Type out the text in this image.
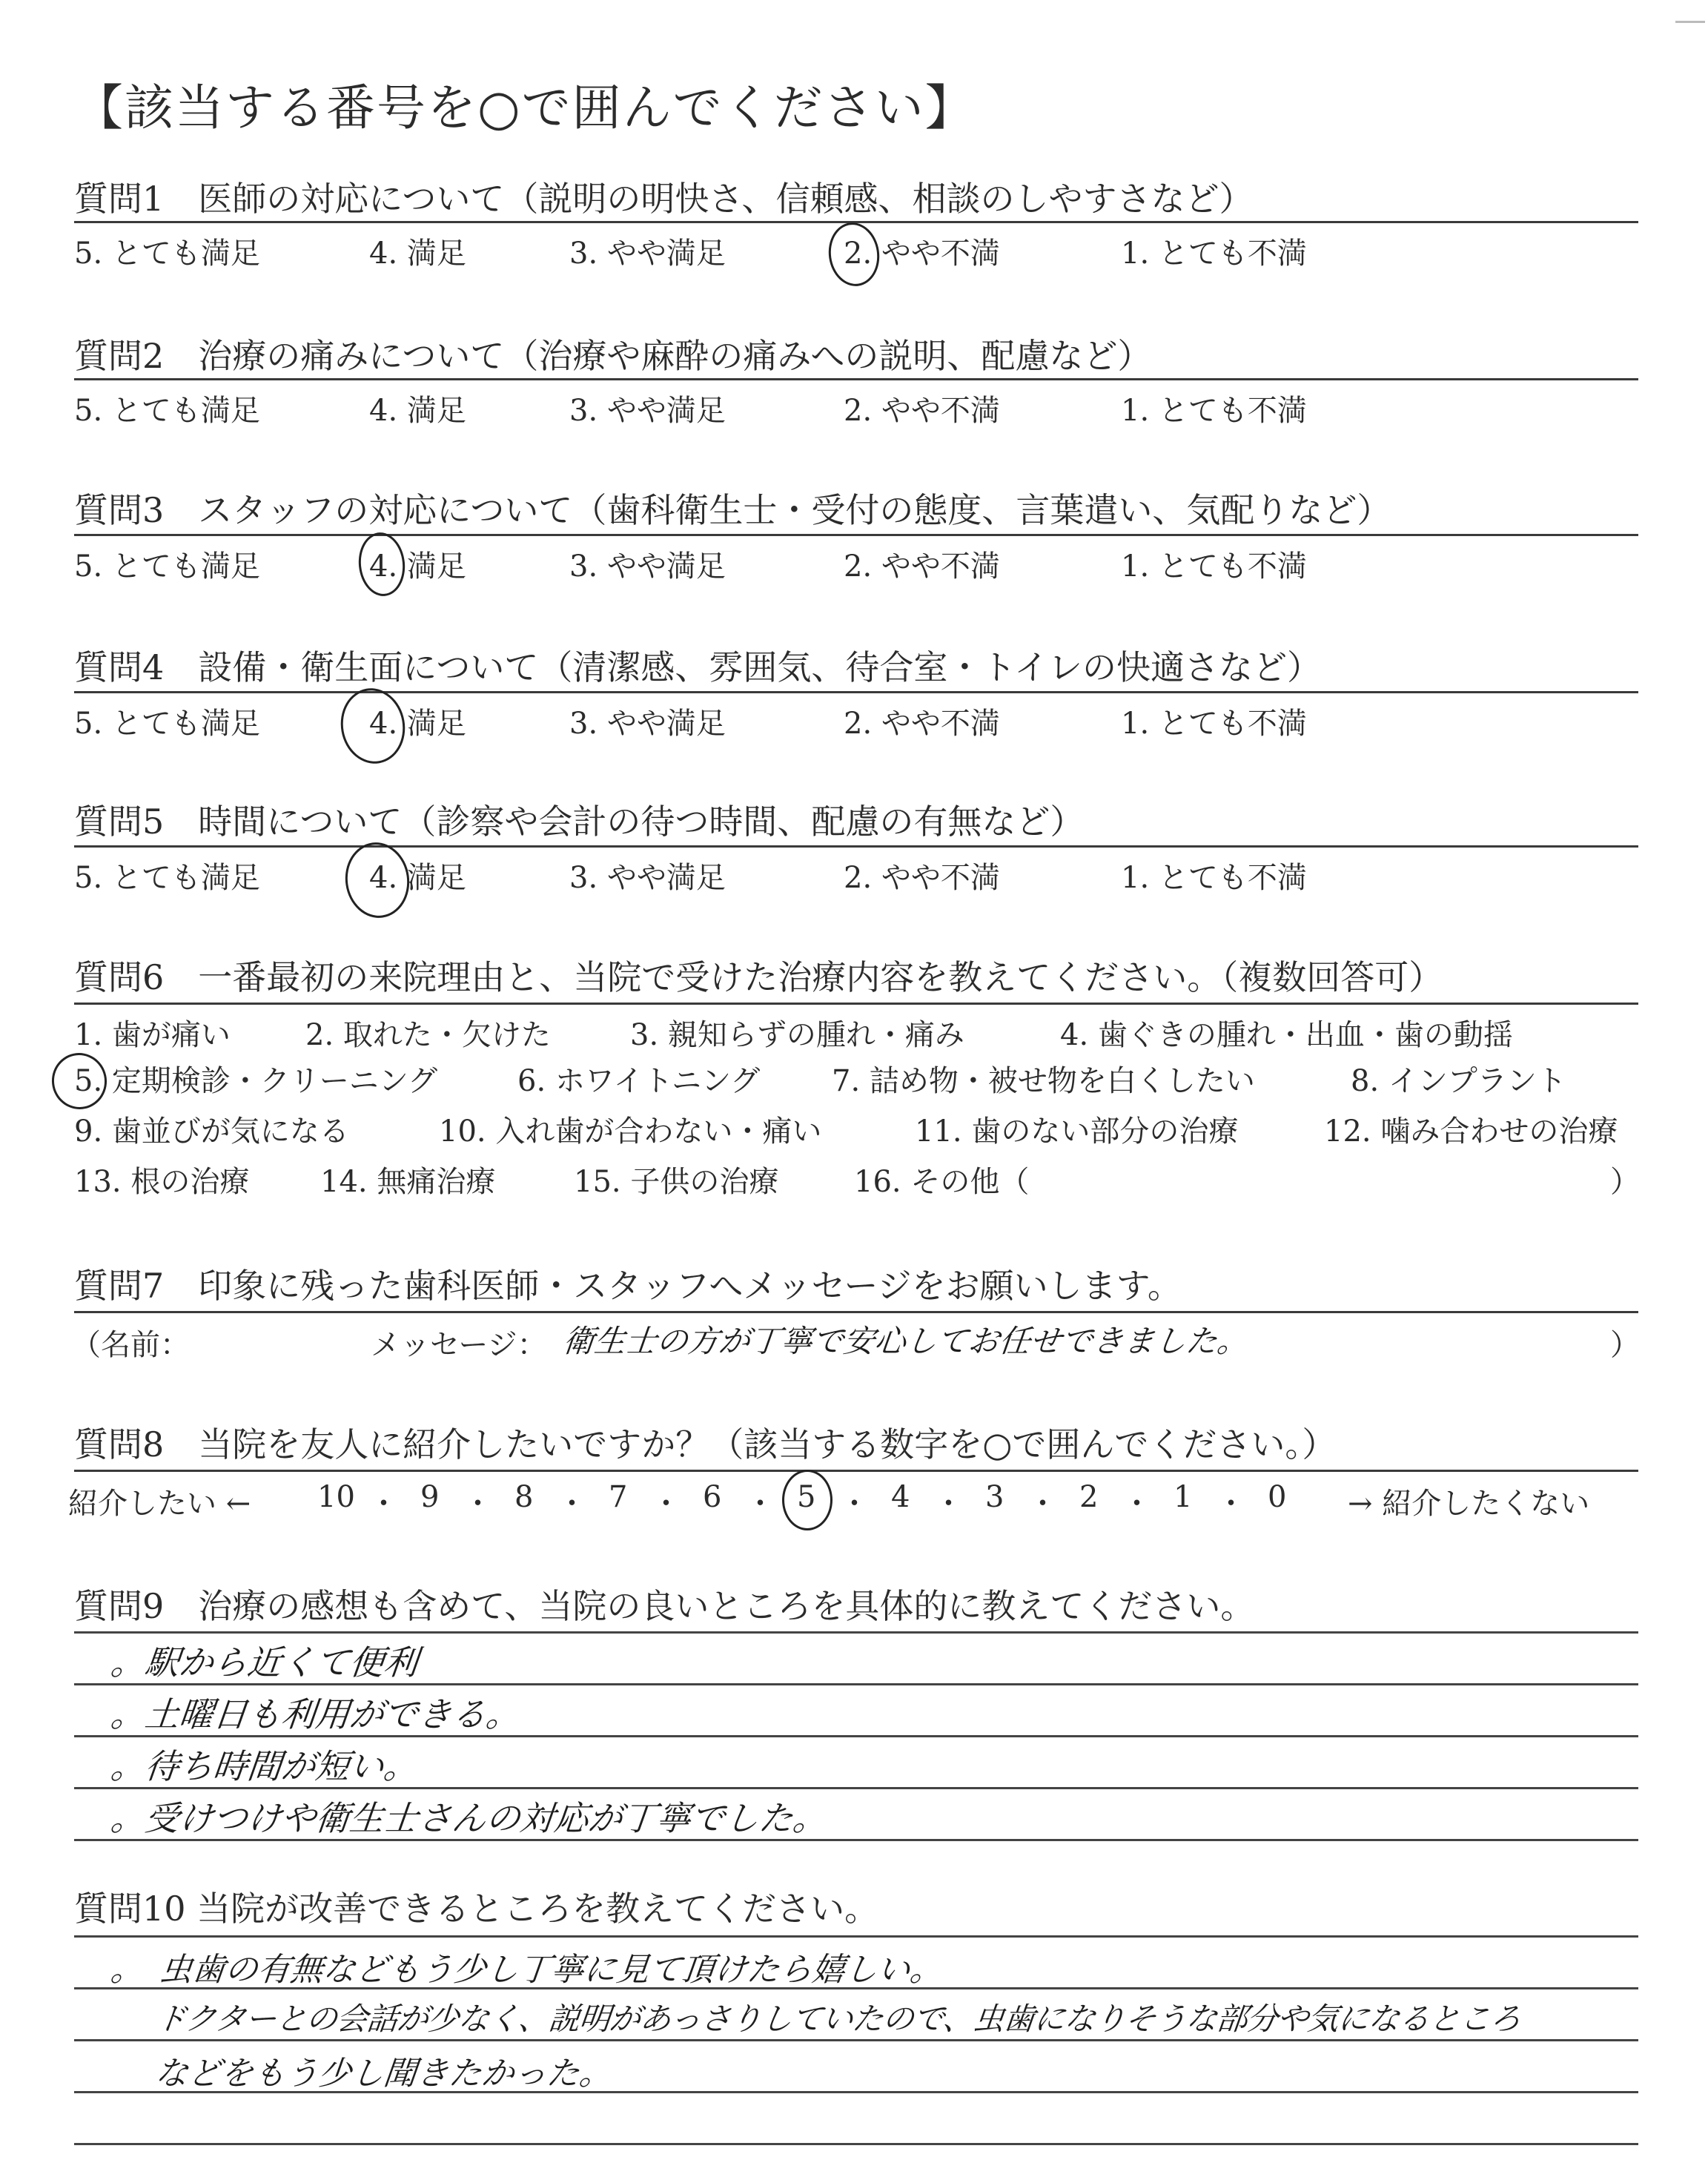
【該当する番号を○で囲んでください】
質問1　医師の対応について（説明の明快さ、信頼感、相談のしやすさなど）
5. とても満足	4. 満足	3. やや満足	2. やや不満	1. とても不満
質問2　治療の痛みについて（治療や麻酔の痛みへの説明、配慮など）
5. とても満足	4. 満足	3. やや満足	2. やや不満	1. とても不満
質問3　スタッフの対応について（歯科衛生士・受付の態度、言葉遣い、気配りなど）
5. とても満足	4. 満足	3. やや満足	2. やや不満	1. とても不満
質問4　設備・衛生面について（清潔感、雰囲気、待合室・トイレの快適さなど）
5. とても満足	4. 満足	3. やや満足	2. やや不満	1. とても不満
質問5　時間について（診察や会計の待つ時間、配慮の有無など）
5. とても満足	4. 満足	3. やや満足	2. やや不満	1. とても不満
質問6　一番最初の来院理由と、当院で受けた治療内容を教えてください。（複数回答可）
1. 歯が痛い	2. 取れた・欠けた	3. 親知らずの腫れ・痛み	4. 歯ぐきの腫れ・出血・歯の動揺
5. 定期検診・クリーニング	6. ホワイトニング 7. 詰め物・被せ物を白くしたい	8. インプラント
9. 歯並びが気になる	10. 入れ歯が合わない・痛い	11. 歯のない部分の治療	12. 噛み合わせの治療
13. 根の治療 14. 無痛治療	15. 子供の治療	16. その他（	）
質問7　印象に残った歯科医師・スタッフへメッセージをお願いします。
（名前：	メッセージ： 衛生士の方が丁寧で安心してお任せできました。	）
質問8　当院を友人に紹介したいですか？（該当する数字を○で囲んでください。）
紹介したい ←	→ 紹介したくない
10 ・ 9 ・ 8 ・ 7 ・ 6 ・ 5 ・ 4 ・ 3 ・ 2 ・ 1 ・ 0
質問9　治療の感想も含めて、当院の良いところを具体的に教えてください。
。駅から近くて便利
。土曜日も利用ができる。
。待ち時間が短い。
。受けつけや衛生士さんの対応が丁寧でした。
質問10 当院が改善できるところを教えてください。
。　虫歯の有無などもう少し丁寧に見て頂けたら嬉しい。
ドクターとの会話が少なく、説明があっさりしていたので、虫歯になりそうな部分や気になるところ
などをもう少し聞きたかった。
